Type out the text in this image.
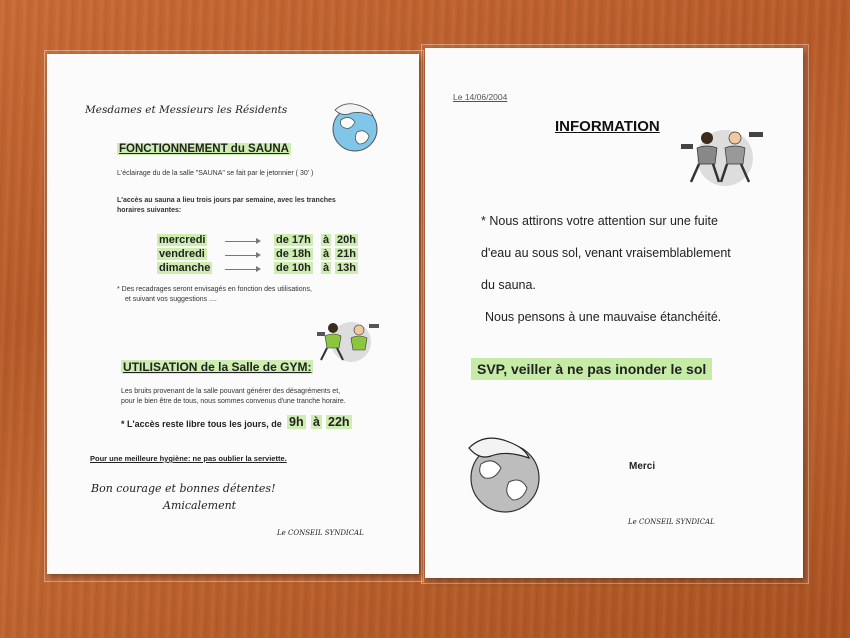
Mesdames et Messieurs les Résidents
FONCTIONNEMENT du SAUNA
L'éclairage du de la salle "SAUNA" se fait par le jetonnier ( 30' )
L'accès au sauna a lieu trois jours par semaine, avec les tranches
horaires suivantes:
mercredi	de 17h à 20h
vendredi	de 18h à 21h
dimanche	de 10h à 13h
* Des recadrages seront envisagés en fonction des utilisations,
et suivant vos suggestions ....
UTILISATION de la Salle de GYM:
Les bruits provenant de la salle pouvant générer des désagréments et,
pour le bien être de tous, nous sommes convenus d'une tranche horaire.
* L'accès reste libre tous les jours, de 9h à 22h
Pour une meilleure hygiène: ne pas oublier la serviette.
Bon courage et bonnes détentes!
Amicalement
Le CONSEIL SYNDICAL
Le 14/06/2004
INFORMATION
* Nous attirons votre attention sur une fuite
d'eau au sous sol, venant vraisemblablement
du sauna.
Nous pensons à une mauvaise étanchéité.
SVP, veiller à ne pas inonder le sol
Merci
Le CONSEIL SYNDICAL
